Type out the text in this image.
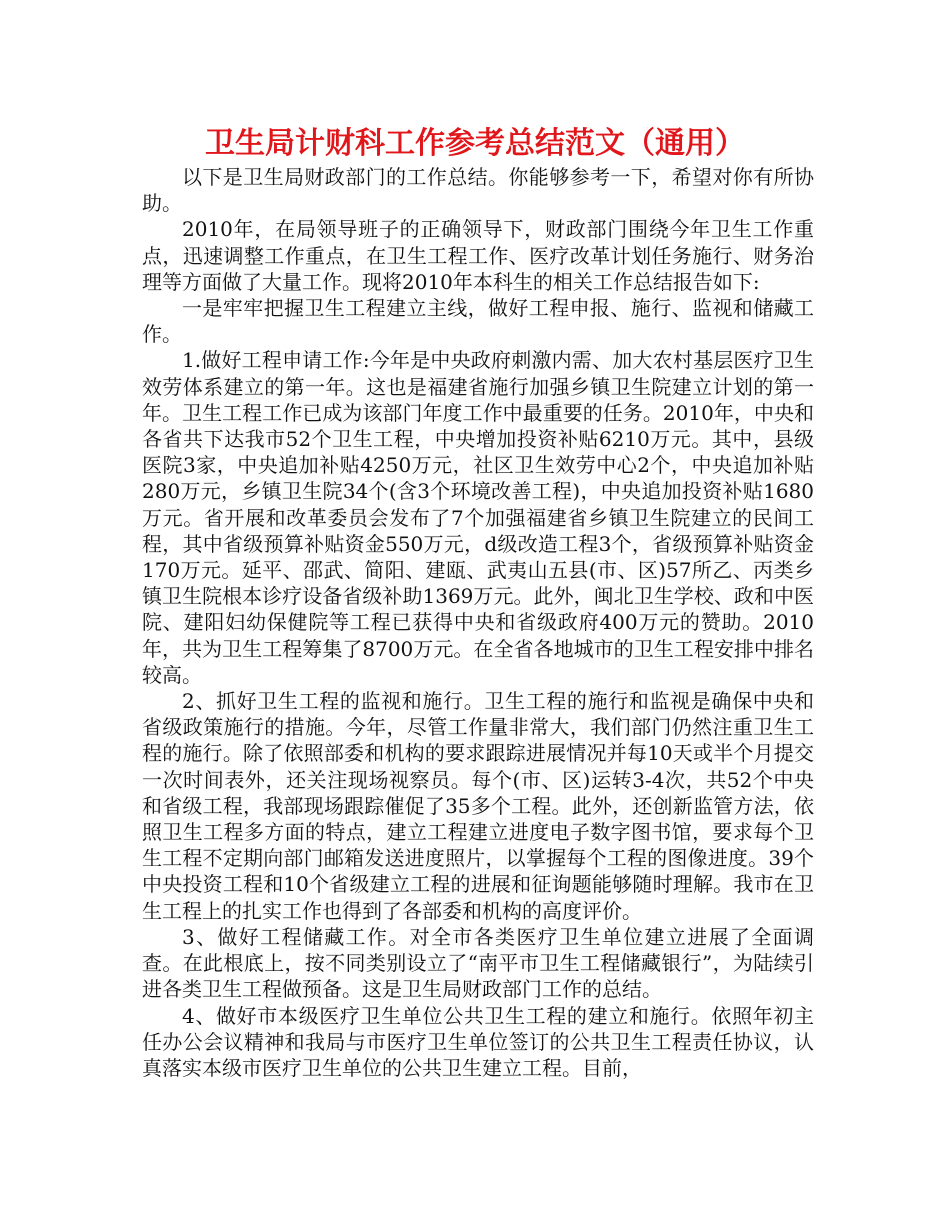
卫生局计财科工作参考总结范文（通用）

以下是卫生局财政部门的工作总结。你能够参考一下，希望对你有所协助。

2010年，在局领导班子的正确领导下，财政部门围绕今年卫生工作重点，迅速调整工作重点，在卫生工程工作、医疗改革计划任务施行、财务治理等方面做了大量工作。现将2010年本科生的相关工作总结报告如下:

一是牢牢把握卫生工程建立主线，做好工程申报、施行、监视和储藏工作。

1.做好工程申请工作:今年是中央政府刺激内需、加大农村基层医疗卫生效劳体系建立的第一年。这也是福建省施行加强乡镇卫生院建立计划的第一年。卫生工程工作已成为该部门年度工作中最重要的任务。2010年，中央和各省共下达我市52个卫生工程，中央增加投资补贴6210万元。其中，县级医院3家，中央追加补贴4250万元，社区卫生效劳中心2个，中央追加补贴280万元，乡镇卫生院34个(含3个环境改善工程)，中央追加投资补贴1680万元。省开展和改革委员会发布了7个加强福建省乡镇卫生院建立的民间工程，其中省级预算补贴资金550万元，d级改造工程3个，省级预算补贴资金170万元。延平、邵武、简阳、建瓯、武夷山五县(市、区)57所乙、丙类乡镇卫生院根本诊疗设备省级补助1369万元。此外，闽北卫生学校、政和中医院、建阳妇幼保健院等工程已获得中央和省级政府400万元的赞助。2010年，共为卫生工程筹集了8700万元。在全省各地城市的卫生工程安排中排名较高。

2、抓好卫生工程的监视和施行。卫生工程的施行和监视是确保中央和省级政策施行的措施。今年，尽管工作量非常大，我们部门仍然注重卫生工程的施行。除了依照部委和机构的要求跟踪进展情况并每10天或半个月提交一次时间表外，还关注现场视察员。每个(市、区)运转3-4次，共52个中央和省级工程，我部现场跟踪催促了35多个工程。此外，还创新监管方法，依照卫生工程多方面的特点，建立工程建立进度电子数字图书馆，要求每个卫生工程不定期向部门邮箱发送进度照片，以掌握每个工程的图像进度。39个中央投资工程和10个省级建立工程的进展和征询题能够随时理解。我市在卫生工程上的扎实工作也得到了各部委和机构的高度评价。

3、做好工程储藏工作。对全市各类医疗卫生单位建立进展了全面调查。在此根底上，按不同类别设立了“南平市卫生工程储藏银行”，为陆续引进各类卫生工程做预备。这是卫生局财政部门工作的总结。

4、做好市本级医疗卫生单位公共卫生工程的建立和施行。依照年初主任办公会议精神和我局与市医疗卫生单位签订的公共卫生工程责任协议，认真落实本级市医疗卫生单位的公共卫生建立工程。目前，
